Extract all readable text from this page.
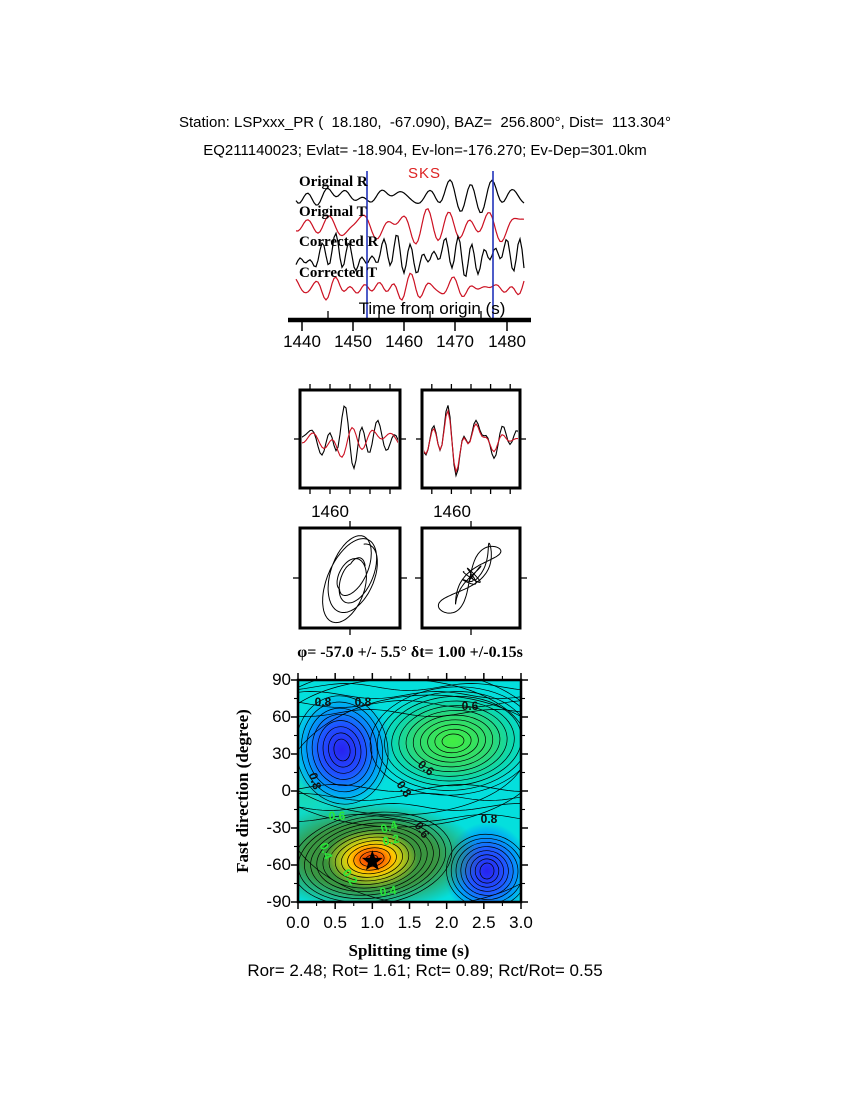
Station: LSPxxx_PR (  18.180,  -67.090), BAZ=  256.800°, Dist=  113.304°
EQ211140023; Evlat= -18.904, Ev-lon=-176.270; Ev-Dep=301.0km
Original R
Original T
Corrected R
Corrected T
SKS
Time from origin (s)
1440 1450 1460 1470 1480
1460	1460
φ= -57.0 +/- 5.5° δt= 1.00 +/-0.15s
Fast direction (degree)
Splitting time (s)
0.0 0.5 1.0 1.5 2.0 2.5 3.0
90
60
30
0
-30
-60
-90
0.8 0.8	0.6
0.6
0.8	0.8
0.8
0.6
0.6
0.4
0.2
0.4
0.2
0.4
Ror= 2.48; Rot= 1.61; Rct= 0.89; Rct/Rot= 0.55
